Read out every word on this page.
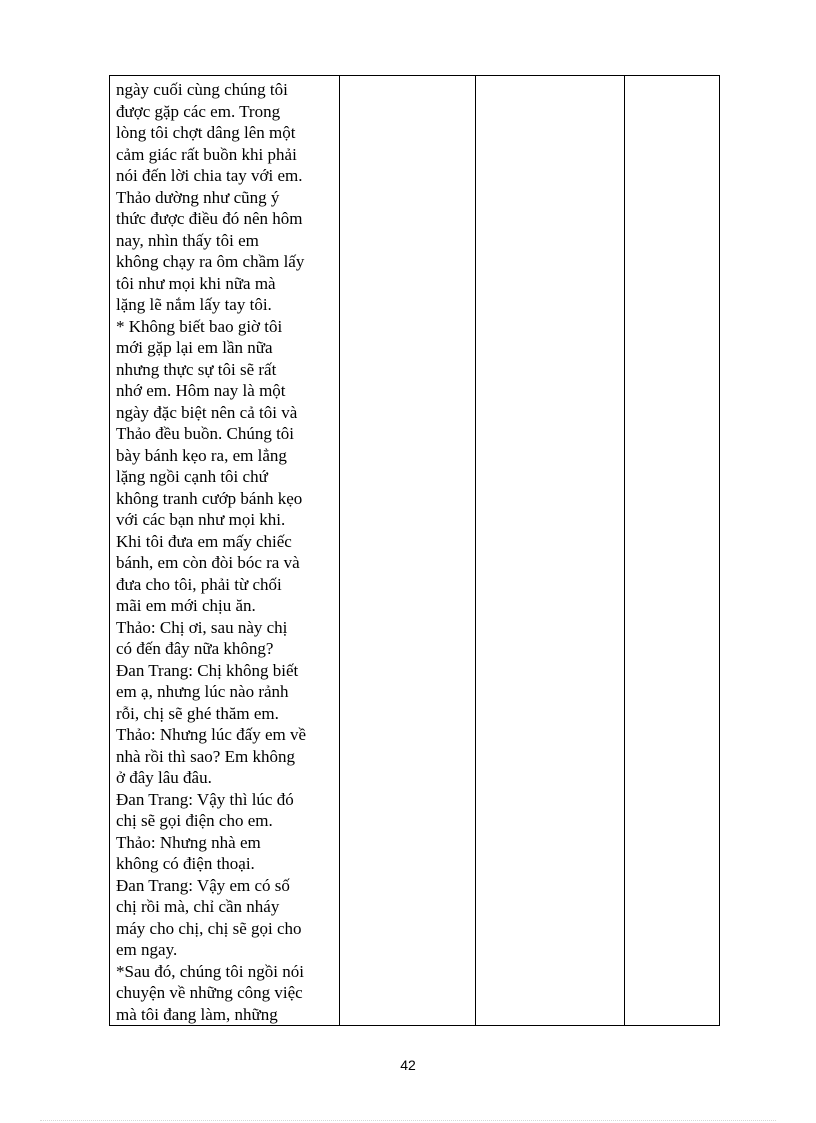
ngày cuối cùng chúng tôi
được gặp các em. Trong
lòng tôi chợt dâng lên một
cảm giác rất buồn khi phải
nói đến lời chia tay với em.
Thảo dường như cũng ý
thức được điều đó nên hôm
nay, nhìn thấy tôi em
không chạy ra ôm chầm lấy
tôi như mọi khi nữa mà
lặng lẽ nắm lấy tay tôi.
* Không biết bao giờ tôi
mới gặp lại em lần nữa
nhưng thực sự tôi sẽ rất
nhớ em. Hôm nay là một
ngày đặc biệt nên cả tôi và
Thảo đều buồn. Chúng tôi
bày bánh kẹo ra, em lẳng
lặng ngồi cạnh tôi chứ
không tranh cướp bánh kẹo
với các bạn như mọi khi.
Khi tôi đưa em mấy chiếc
bánh, em còn đòi bóc ra và
đưa cho tôi, phải từ chối
mãi em mới chịu ăn.
Thảo: Chị ơi, sau này chị
có đến đây nữa không?
Đan Trang: Chị không biết
em ạ, nhưng lúc nào rảnh
rỗi, chị sẽ ghé thăm em.
Thảo: Nhưng lúc đấy em về
nhà rồi thì sao? Em không
ở đây lâu đâu.
Đan Trang: Vậy thì lúc đó
chị sẽ gọi điện cho em.
Thảo: Nhưng nhà em
không có điện thoại.
Đan Trang: Vậy em có số
chị rồi mà, chỉ cần nháy
máy cho chị, chị sẽ gọi cho
em ngay.
*Sau đó, chúng tôi ngồi nói
chuyện về những công việc
mà tôi đang làm, những

42
